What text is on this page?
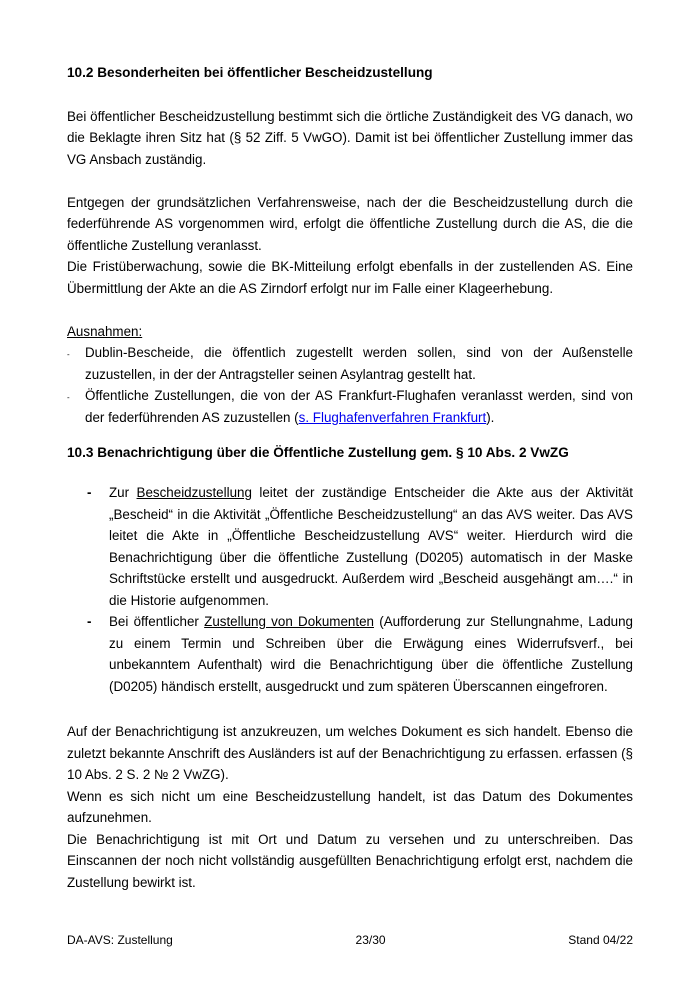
10.2 Besonderheiten bei öffentlicher Bescheidzustellung

Bei öffentlicher Bescheidzustellung bestimmt sich die örtliche Zuständigkeit des VG danach, wo die Beklagte ihren Sitz hat (§ 52 Ziff. 5 VwGO). Damit ist bei öffentlicher Zustellung immer das VG Ansbach zuständig.

Entgegen der grundsätzlichen Verfahrensweise, nach der die Bescheidzustellung durch die federführende AS vorgenommen wird, erfolgt die öffentliche Zustellung durch die AS, die die öffentliche Zustellung veranlasst.

Die Fristüberwachung, sowie die BK-Mitteilung erfolgt ebenfalls in der zustellenden AS. Eine Übermittlung der Akte an die AS Zirndorf erfolgt nur im Falle einer Klageerhebung.

Ausnahmen:

- Dublin-Bescheide, die öffentlich zugestellt werden sollen, sind von der Außenstelle zuzustellen, in der der Antragsteller seinen Asylantrag gestellt hat.
- Öffentliche Zustellungen, die von der AS Frankfurt-Flughafen veranlasst werden, sind von der federführenden AS zuzustellen (s. Flughafenverfahren Frankfurt).
10.3 Benachrichtigung über die Öffentliche Zustellung gem. § 10 Abs. 2 VwZG
- Zur Bescheidzustellung leitet der zuständige Entscheider die Akte aus der Aktivität „Bescheid“ in die Aktivität „Öffentliche Bescheidzustellung“ an das AVS weiter. Das AVS leitet die Akte in „Öffentliche Bescheidzustellung AVS“ weiter. Hierdurch wird die Benachrichtigung über die öffentliche Zustellung (D0205) automatisch in der Maske Schriftstücke erstellt und ausgedruckt. Außerdem wird „Bescheid ausgehängt am….“ in die Historie aufgenommen.
- Bei öffentlicher Zustellung von Dokumenten (Aufforderung zur Stellungnahme, Ladung zu einem Termin und Schreiben über die Erwägung eines Widerrufsverf., bei unbekanntem Aufenthalt) wird die Benachrichtigung über die öffentliche Zustellung (D0205) händisch erstellt, ausgedruckt und zum späteren Überscannen eingefroren.

Auf der Benachrichtigung ist anzukreuzen, um welches Dokument es sich handelt. Ebenso die zuletzt bekannte Anschrift des Ausländers ist auf der Benachrichtigung zu erfassen. erfassen (§ 10 Abs. 2 S. 2 № 2 VwZG).

Wenn es sich nicht um eine Bescheidzustellung handelt, ist das Datum des Dokumentes aufzunehmen.

Die Benachrichtigung ist mit Ort und Datum zu versehen und zu unterschreiben. Das Einscannen der noch nicht vollständig ausgefüllten Benachrichtigung erfolgt erst, nachdem die Zustellung bewirkt ist.

DA-AVS: Zustellung	23/30	Stand 04/22
